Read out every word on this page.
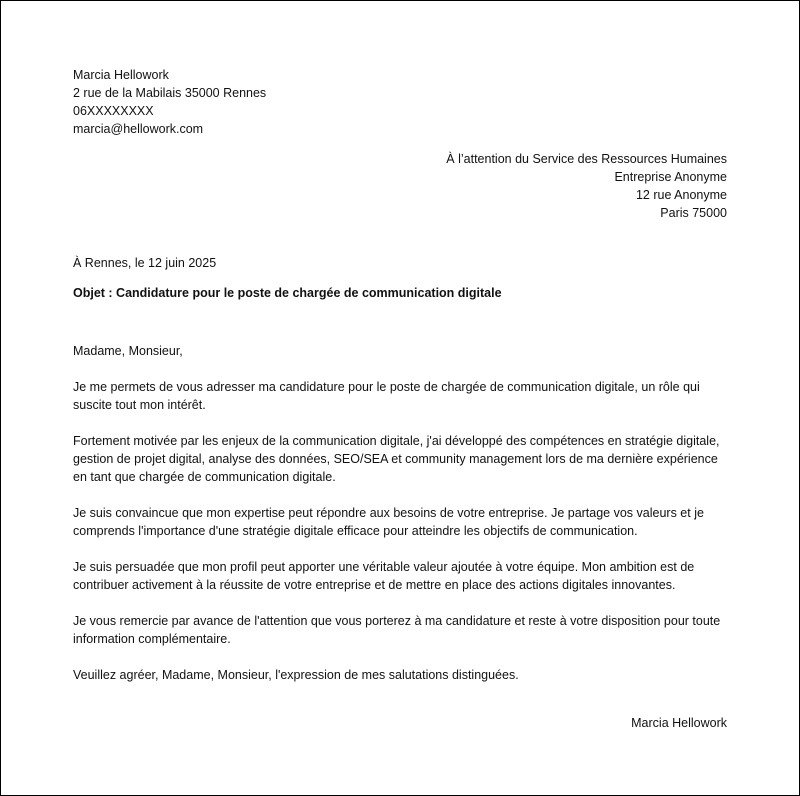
Marcia Hellowork
2 rue de la Mabilais 35000 Rennes
06XXXXXXXX
marcia@hellowork.com
À l’attention du Service des Ressources Humaines
Entreprise Anonyme
12 rue Anonyme
Paris 75000
À Rennes, le 12 juin 2025
Objet : Candidature pour le poste de chargée de communication digitale

Madame, Monsieur,

Je me permets de vous adresser ma candidature pour le poste de chargée de communication digitale, un rôle qui suscite tout mon intérêt.

Fortement motivée par les enjeux de la communication digitale, j'ai développé des compétences en stratégie digitale, gestion de projet digital, analyse des données, SEO/SEA et community management lors de ma dernière expérience en tant que chargée de communication digitale.

Je suis convaincue que mon expertise peut répondre aux besoins de votre entreprise. Je partage vos valeurs et je comprends l'importance d'une stratégie digitale efficace pour atteindre les objectifs de communication.

Je suis persuadée que mon profil peut apporter une véritable valeur ajoutée à votre équipe. Mon ambition est de contribuer activement à la réussite de votre entreprise et de mettre en place des actions digitales innovantes.

Je vous remercie par avance de l'attention que vous porterez à ma candidature et reste à votre disposition pour toute information complémentaire.

Veuillez agréer, Madame, Monsieur, l'expression de mes salutations distinguées.

Marcia Hellowork
